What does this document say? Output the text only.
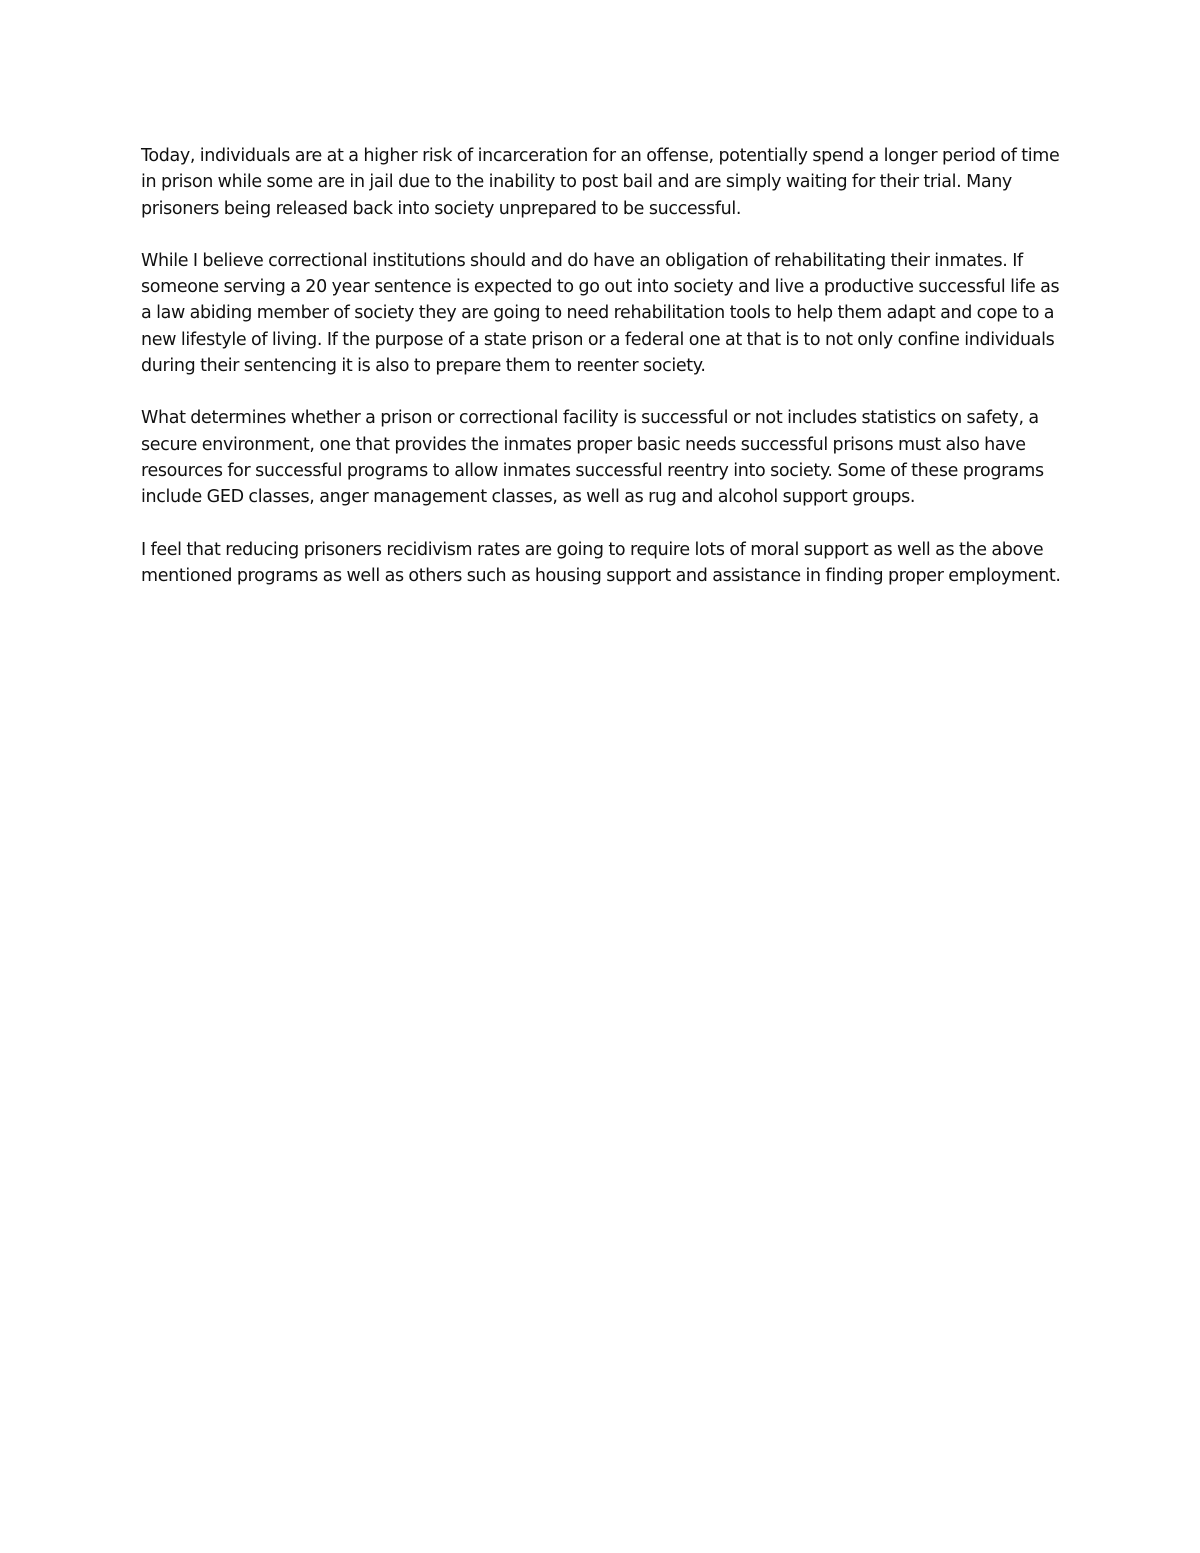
Today, individuals are at a higher risk of incarceration for an offense, potentially spend a longer period of time in prison while some are in jail due to the inability to post bail and are simply waiting for their trial. Many prisoners being released back into society unprepared to be successful.

While I believe correctional institutions should and do have an obligation of rehabilitating their inmates. If someone serving a 20 year sentence is expected to go out into society and live a productive successful life as a law abiding member of society they are going to need rehabilitation tools to help them adapt and cope to a new lifestyle of living. If the purpose of a state prison or a federal one at that is to not only confine individuals during their sentencing it is also to prepare them to reenter society.

What determines whether a prison or correctional facility is successful or not includes statistics on safety, a secure environment, one that provides the inmates proper basic needs successful prisons must also have resources for successful programs to allow inmates successful reentry into society. Some of these programs include GED classes, anger management classes, as well as rug and alcohol support groups.

I feel that reducing prisoners recidivism rates are going to require lots of moral support as well as the above mentioned programs as well as others such as housing support and assistance in finding proper employment.
